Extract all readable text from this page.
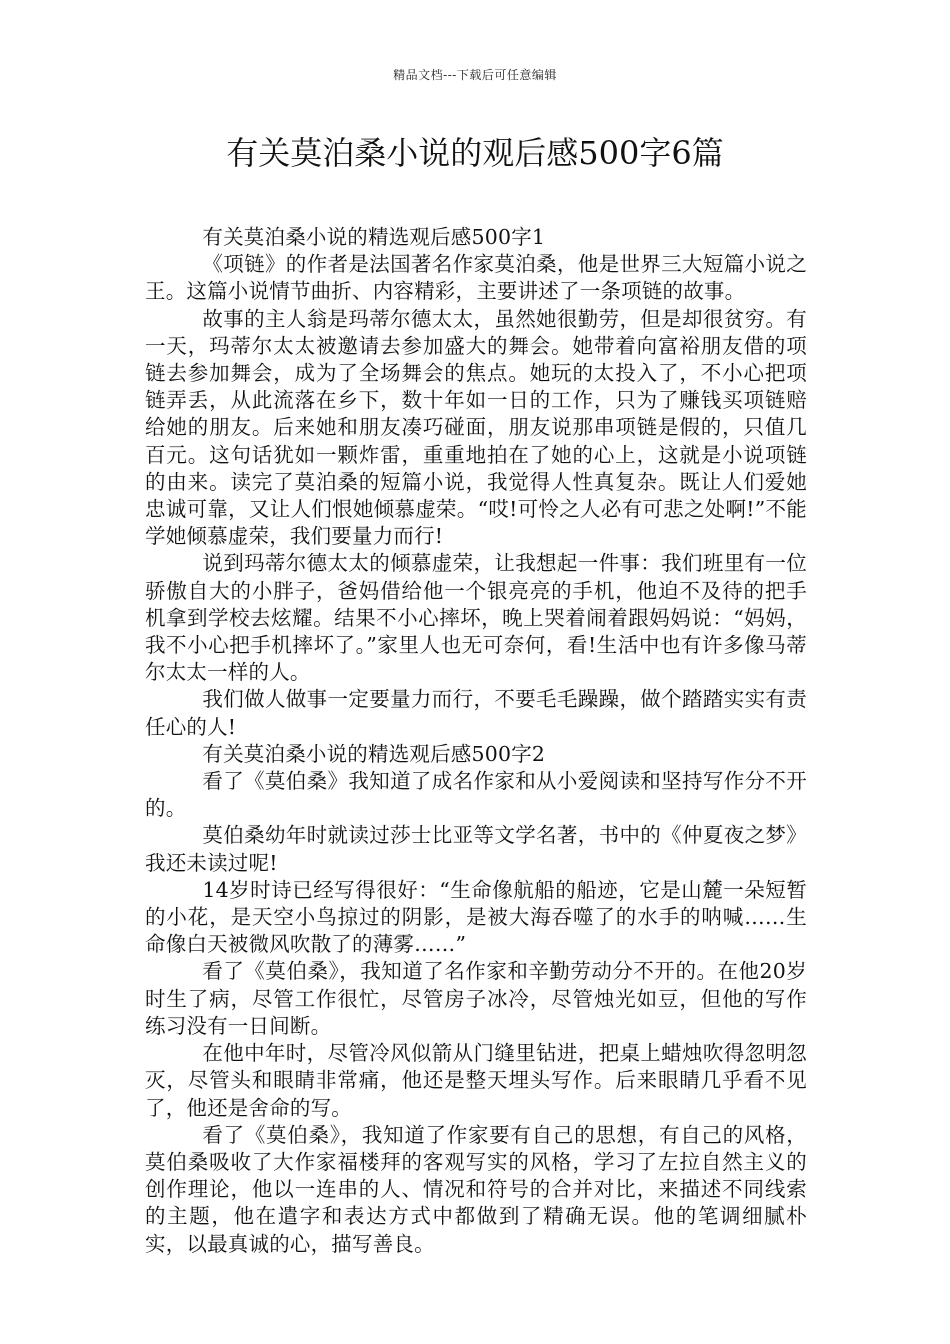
精品文档---下载后可任意编辑
有关莫泊桑小说的观后感500字6篇

有关莫泊桑小说的精选观后感500字1

《项链》的作者是法国著名作家莫泊桑，他是世界三大短篇小说之王。这篇小说情节曲折、内容精彩，主要讲述了一条项链的故事。

故事的主人翁是玛蒂尔德太太，虽然她很勤劳，但是却很贫穷。有一天，玛蒂尔太太被邀请去参加盛大的舞会。她带着向富裕朋友借的项链去参加舞会，成为了全场舞会的焦点。她玩的太投入了，不小心把项链弄丢，从此流落在乡下，数十年如一日的工作，只为了赚钱买项链赔给她的朋友。后来她和朋友凑巧碰面，朋友说那串项链是假的，只值几百元。这句话犹如一颗炸雷，重重地拍在了她的心上，这就是小说项链的由来。读完了莫泊桑的短篇小说，我觉得人性真复杂。既让人们爱她忠诚可靠，又让人们恨她倾慕虚荣。“哎!可怜之人必有可悲之处啊!”不能学她倾慕虚荣，我们要量力而行!

说到玛蒂尔德太太的倾慕虚荣，让我想起一件事：我们班里有一位骄傲自大的小胖子，爸妈借给他一个银亮亮的手机，他迫不及待的把手机拿到学校去炫耀。结果不小心摔坏，晚上哭着闹着跟妈妈说：“妈妈，我不小心把手机摔坏了。”家里人也无可奈何，看!生活中也有许多像马蒂尔太太一样的人。

我们做人做事一定要量力而行，不要毛毛躁躁，做个踏踏实实有责任心的人!

有关莫泊桑小说的精选观后感500字2

看了《莫伯桑》我知道了成名作家和从小爱阅读和坚持写作分不开的。

莫伯桑幼年时就读过莎士比亚等文学名著，书中的《仲夏夜之梦》我还未读过呢!

14岁时诗已经写得很好：“生命像航船的船迹，它是山麓一朵短暂的小花，是天空小鸟掠过的阴影，是被大海吞噬了的水手的呐喊……生命像白天被微风吹散了的薄雾……”

看了《莫伯桑》，我知道了名作家和辛勤劳动分不开的。在他20岁时生了病，尽管工作很忙，尽管房子冰冷，尽管烛光如豆，但他的写作练习没有一日间断。

在他中年时，尽管冷风似箭从门缝里钻进，把桌上蜡烛吹得忽明忽灭，尽管头和眼睛非常痛，他还是整天埋头写作。后来眼睛几乎看不见了，他还是舍命的写。

看了《莫伯桑》，我知道了作家要有自己的思想，有自己的风格，莫伯桑吸收了大作家福楼拜的客观写实的风格，学习了左拉自然主义的创作理论，他以一连串的人、情况和符号的合并对比，来描述不同线索的主题，他在遣字和表达方式中都做到了精确无误。他的笔调细腻朴实，以最真诚的心，描写善良。
